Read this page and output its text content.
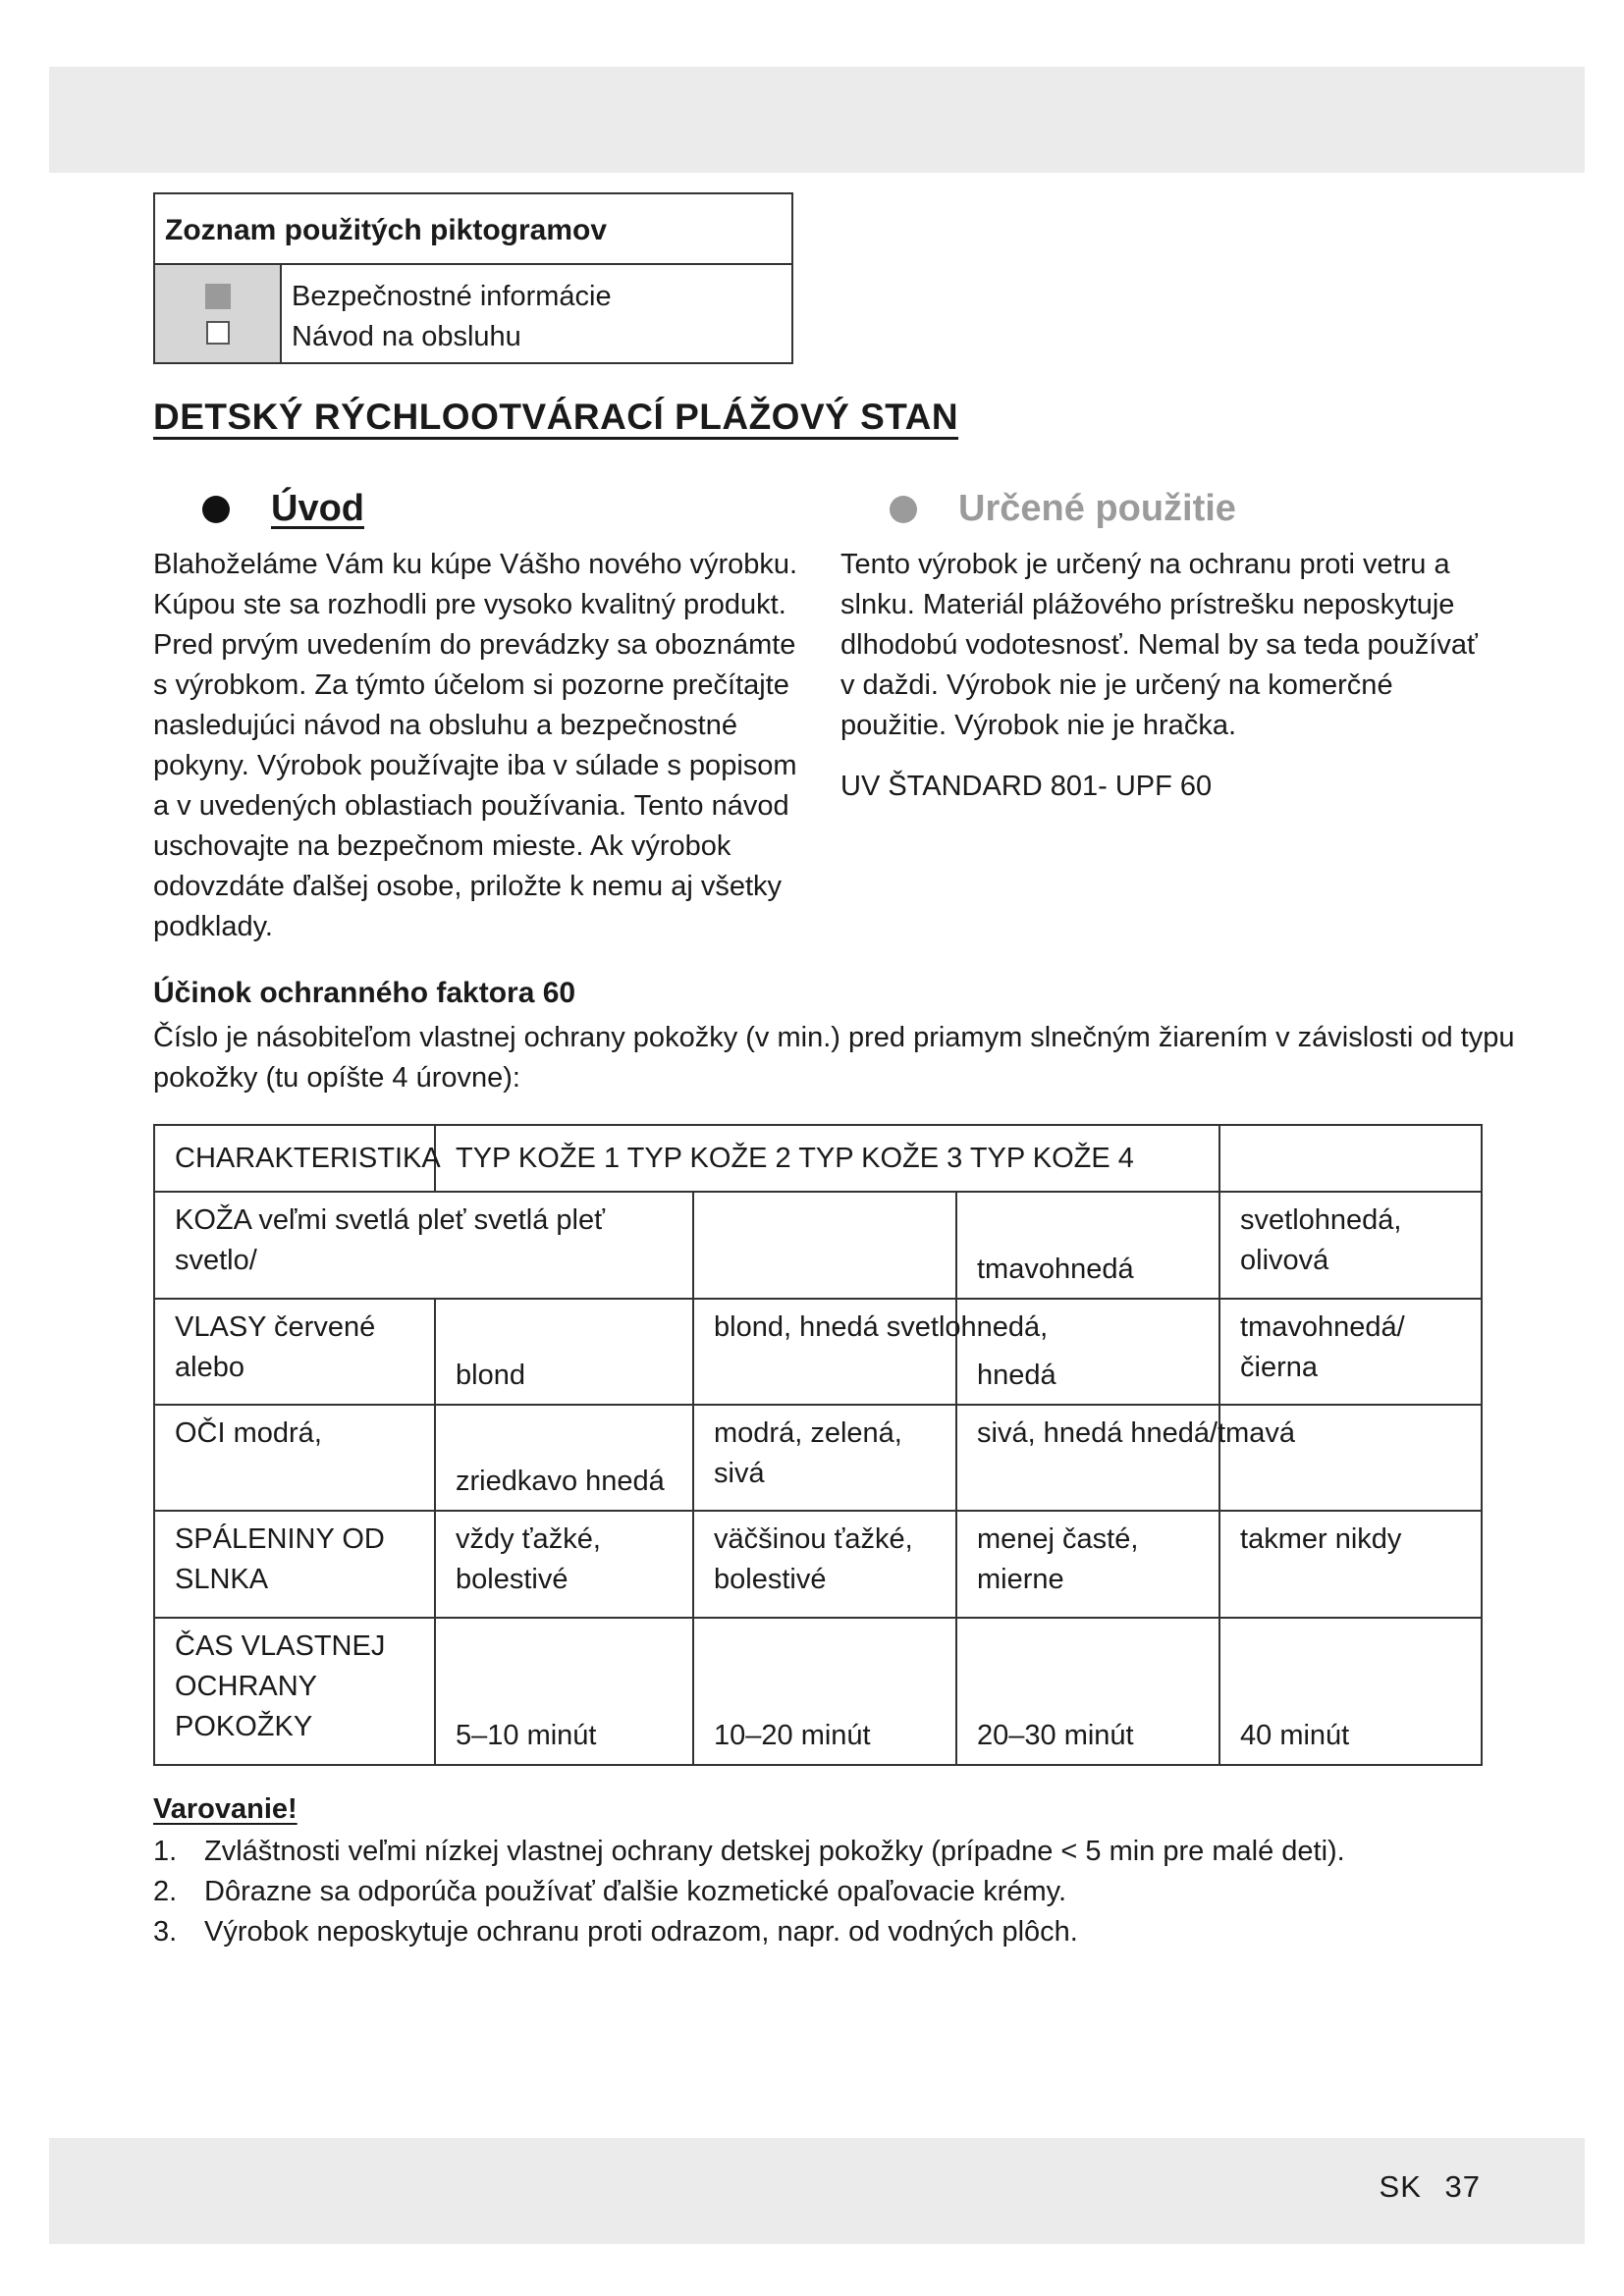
Zoznam použitých piktogramov
Bezpečnostné informácie
Návod na obsluhu
DETSKÝ RÝCHLOOTVÁRACÍ PLÁŽOVÝ STAN
Úvod

Blahoželáme Vám ku kúpe Vášho nového výrobku. Kúpou ste sa rozhodli pre vysoko kvalitný produkt. Pred prvým uvedením do prevádzky sa oboznámte s výrobkom. Za týmto účelom si pozorne prečítajte nasledujúci návod na obsluhu a bezpečnostné pokyny. Výrobok používajte iba v súlade s popisom a v uvedených oblastiach používania. Tento návod uschovajte na bezpečnom mieste. Ak výrobok odovzdáte ďalšej osobe, priložte k nemu aj všetky podklady.

Určené použitie

Tento výrobok je určený na ochranu proti vetru a slnku. Materiál plážového prístrešku neposkytuje dlhodobú vodotesnosť. Nemal by sa teda používať v daždi. Výrobok nie je určený na komerčné použitie. Výrobok nie je hračka.

UV ŠTANDARD 801- UPF 60

Účinok ochranného faktora 60

Číslo je násobiteľom vlastnej ochrany pokožky (v min.) pred priamym slnečným žiarením v závislosti od typu pokožky (tu opíšte 4 úrovne):

CHARAKTERISTIKA	TYP KOŽE 1 TYP KOŽE 2 TYP KOŽE 3 TYP KOŽE 4			
KOŽA veľmi svetlá pleť svetlá pleť svetlo/			tmavohnedá	svetlohnedá, olivová
VLASY červené alebo	blond	blond, hnedá svetlohnedá,	hnedá	tmavohnedá/ čierna
OČI modrá,	zriedkavo hnedá	modrá, zelená, sivá	sivá, hnedá hnedá/tmavá	
SPÁLENINY OD SLNKA	vždy ťažké, bolestivé	väčšinou ťažké, bolestivé	menej časté, mierne	takmer nikdy
ČAS VLASTNEJ OCHRANY POKOŽKY	5–10 minút	10–20 minút	20–30 minút	40 minút
Varovanie!
1. Zvláštnosti veľmi nízkej vlastnej ochrany detskej pokožky (prípadne < 5 min pre malé deti).
2. Dôrazne sa odporúča používať ďalšie kozmetické opaľovacie krémy.
3. Výrobok neposkytuje ochranu proti odrazom, napr. od vodných plôch.
SK 37
